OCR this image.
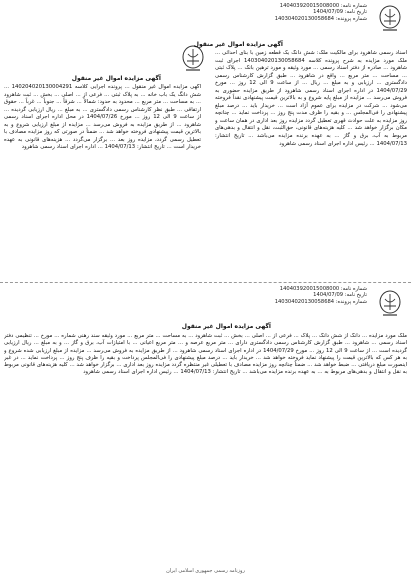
شماره نامه: 140403920015008000
تاریخ نامه: 1404/07/09
شماره پرونده: 140304020130058684
آگهی مزایده اموال غیر منقول
آگهی مزایده اموال غیر منقول

اسناد رسمی شاهرود برای مالکیت ملک: شش دانگ یک قطعه زمین با بنای احداثی ... ملک مورد مزایده به شرح پرونده کلاسه 140304020130058684 اجرای ثبت شاهرود ... صادره از دفتر اسناد رسمی ... مورد وثیقه و مورد ترهین بانک ... پلاک ثبتی ... مساحت ... متر مربع ... واقع در شاهرود ... طبق گزارش کارشناس رسمی دادگستری ... ارزیابی و به مبلغ ... ریال ... از ساعت 9 الی 12 روز ... مورخ 1404/07/29 در اداره اجرای اسناد رسمی شاهرود از طریق مزایده حضوری به فروش می‌رسد ... مزایده از مبلغ پایه شروع و به بالاترین قیمت پیشنهادی نقداً فروخته می‌شود ... شرکت در مزایده برای عموم آزاد است ... خریدار باید ... درصد مبلغ پیشنهادی را فی‌المجلس ... و بقیه را ظرف مدت پنج روز ... پرداخت نماید ... چنانچه روز مزایده به علت حوادث قهری تعطیل گردد مزایده روز بعد اداری در همان ساعت و مکان برگزار خواهد شد ... کلیه هزینه‌های قانونی، حق‌الثبت، نقل و انتقال و بدهی‌های مربوط به آب، برق و گاز ... به عهده برنده مزایده می‌باشد ... تاریخ انتشار: 1404/07/13 ... رئیس اداره اجرای اسناد رسمی شاهرود

آگهی مزایده اموال غیر منقول ... پرونده اجرایی کلاسه 140204020130004291 ... شش دانگ یک باب خانه ... به پلاک ثبتی ... فرعی از ... اصلی ... بخش ... ثبت شاهرود ... به مساحت ... متر مربع ... محدود به حدود: شمالاً ... شرقاً ... جنوباً ... غرباً ... حقوق ارتفاقی ... طبق نظر کارشناس رسمی دادگستری ... به مبلغ ... ریال ارزیابی گردیده ... از ساعت 9 الی 12 روز ... مورخ 1404/07/26 در محل اداره اجرای اسناد رسمی شاهرود ... از طریق مزایده به فروش می‌رسد ... مزایده از مبلغ ارزیابی شروع و به بالاترین قیمت پیشنهادی فروخته خواهد شد ... ضمناً در صورتی که روز مزایده مصادف با تعطیل رسمی گردد، مزایده روز بعد ... برگزار می‌گردد ... هزینه‌های قانونی به عهده خریدار است ... تاریخ انتشار: 1404/07/13 ... اداره اجرای اسناد رسمی شاهرود

شماره نامه: 140403920015008000
تاریخ نامه: 1404/07/09
شماره پرونده: 140304020130058684
آگهی مزایده اموال غیر منقول

ملک مورد مزایده ... دانگ از شش دانگ ... پلاک ... فرعی از ... اصلی ... بخش ... ثبت شاهرود ... به مساحت ... متر مربع ... مورد وثیقه سند رهنی شماره ... مورخ ... تنظیمی دفتر اسناد رسمی ... شاهرود ... طبق گزارش کارشناس رسمی دادگستری دارای ... متر مربع عرصه و ... متر مربع اعیانی ... با امتیازات آب، برق و گاز ... و به مبلغ ... ریال ارزیابی گردیده است ... از ساعت 9 الی 12 روز ... مورخ 1404/07/29 در اداره اجرای اسناد رسمی شاهرود ... از طریق مزایده به فروش می‌رسد ... مزایده از مبلغ ارزیابی شده شروع و به هر کس که بالاترین قیمت را پیشنهاد نماید فروخته خواهد شد ... خریدار باید ... درصد مبلغ پیشنهادی را فی‌المجلس پرداخت و بقیه را ظرف پنج روز ... پرداخت نماید ... در غیر اینصورت مبلغ دریافتی ... ضبط خواهد شد ... ضمناً چنانچه روز مزایده مصادف با تعطیلی غیر منتظره گردد مزایده روز بعد اداری ... برگزار خواهد شد ... کلیه هزینه‌های قانونی مربوط به نقل و انتقال و بدهی‌های مربوط به ... به عهده برنده مزایده می‌باشد ... تاریخ انتشار: 1404/07/13 ... رئیس اداره اجرای اسناد رسمی شاهرود

روزنامه رسمی جمهوری اسلامی ایران
